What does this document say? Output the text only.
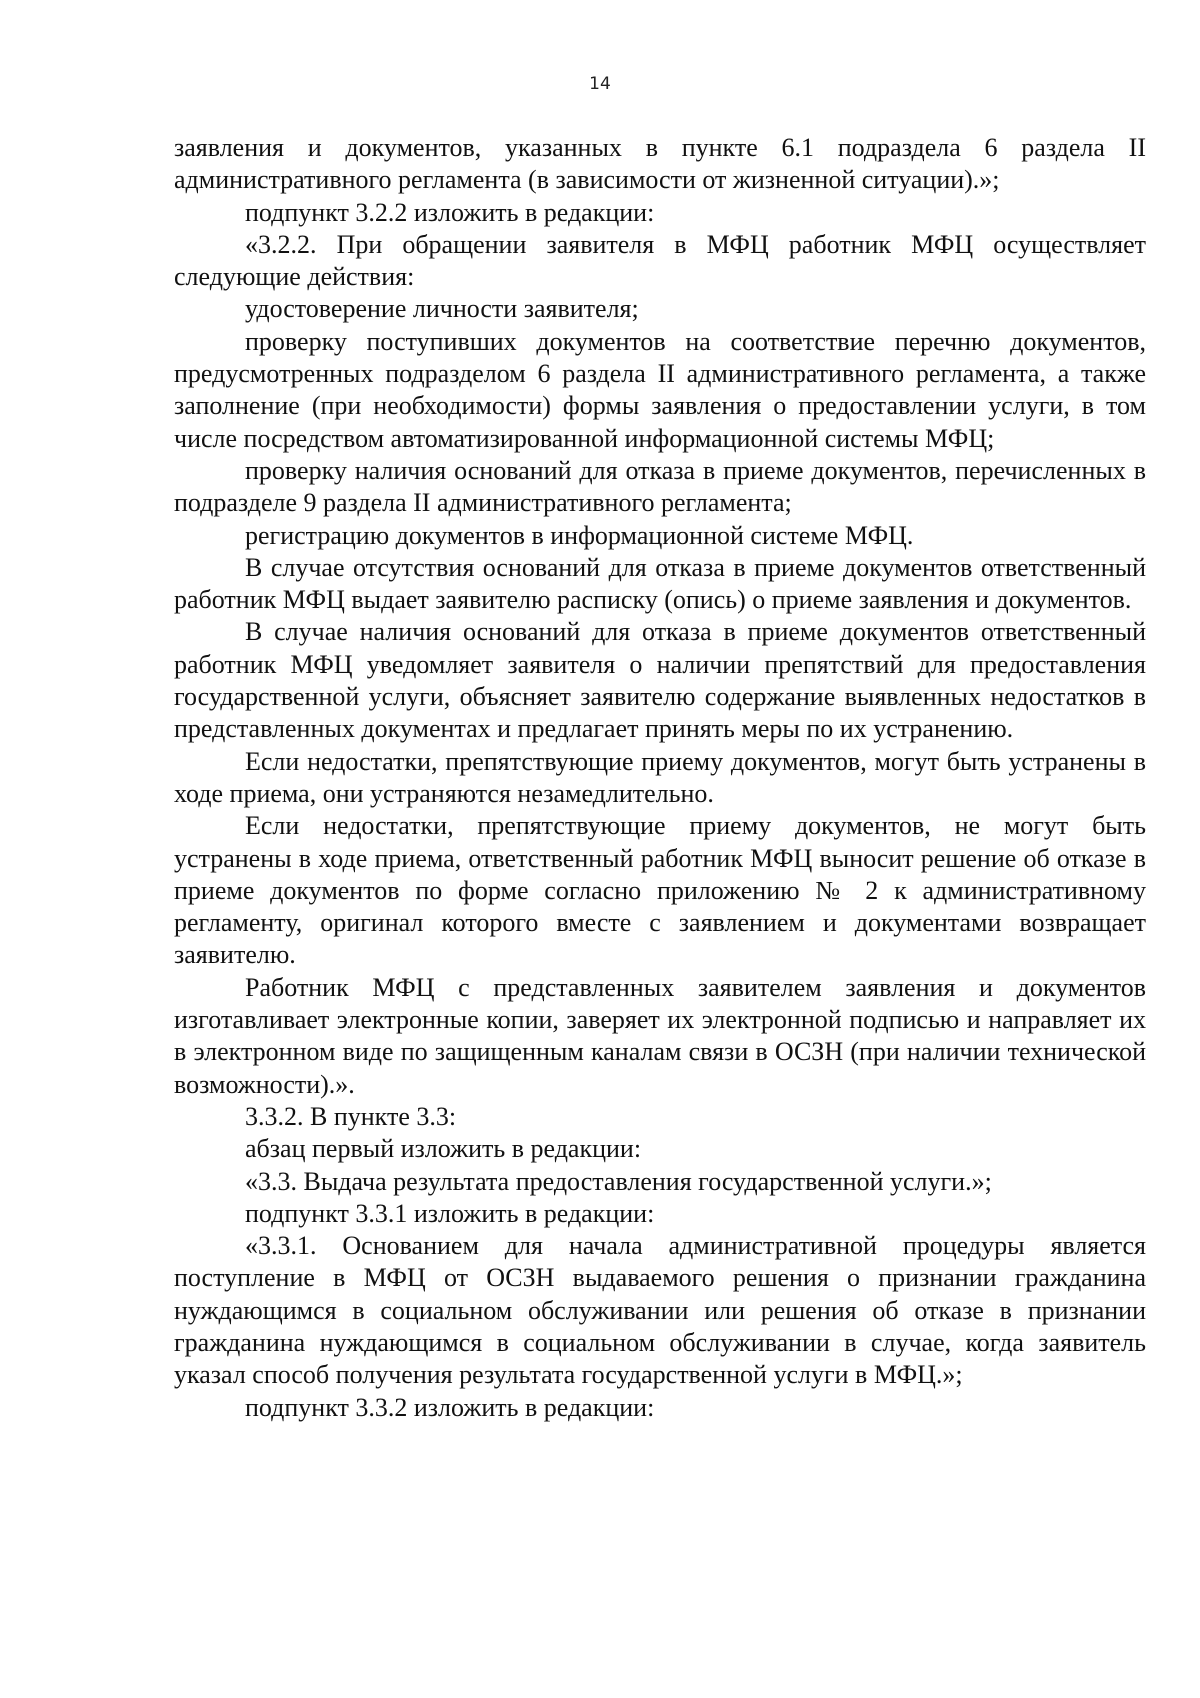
14

заявления и документов, указанных в пункте 6.1 подраздела 6 раздела II административного регламента (в зависимости от жизненной ситуации).»;

подпункт 3.2.2 изложить в редакции:

«3.2.2. При обращении заявителя в МФЦ работник МФЦ осуществляет следующие действия:

удостоверение личности заявителя;

проверку поступивших документов на соответствие перечню документов, предусмотренных подразделом 6 раздела II административного регламента, а также заполнение (при необходимости) формы заявления о предоставлении услуги, в том числе посредством автоматизированной информационной системы МФЦ;

проверку наличия оснований для отказа в приеме документов, перечисленных в подразделе 9 раздела II административного регламента;

регистрацию документов в информационной системе МФЦ.

В случае отсутствия оснований для отказа в приеме документов ответственный работник МФЦ выдает заявителю расписку (опись) о приеме заявления и документов.

В случае наличия оснований для отказа в приеме документов ответственный работник МФЦ уведомляет заявителя о наличии препятствий для предоставления государственной услуги, объясняет заявителю содержание выявленных недостатков в представленных документах и предлагает принять меры по их устранению.

Если недостатки, препятствующие приему документов, могут быть устранены в ходе приема, они устраняются незамедлительно.

Если недостатки, препятствующие приему документов, не могут быть устранены в ходе приема, ответственный работник МФЦ выносит решение об отказе в приеме документов по форме согласно приложению № 2 к административному регламенту, оригинал которого вместе с заявлением и документами возвращает заявителю.

Работник МФЦ с представленных заявителем заявления и документов изготавливает электронные копии, заверяет их электронной подписью и направляет их в электронном виде по защищенным каналам связи в ОСЗН (при наличии технической возможности).».

3.3.2. В пункте 3.3:

абзац первый изложить в редакции:

«3.3. Выдача результата предоставления государственной услуги.»;

подпункт 3.3.1 изложить в редакции:

«3.3.1. Основанием для начала административной процедуры является поступление в МФЦ от ОСЗН выдаваемого решения о признании гражданина нуждающимся в социальном обслуживании или решения об отказе в признании гражданина нуждающимся в социальном обслуживании в случае, когда заявитель указал способ получения результата государственной услуги в МФЦ.»;

подпункт 3.3.2 изложить в редакции:
